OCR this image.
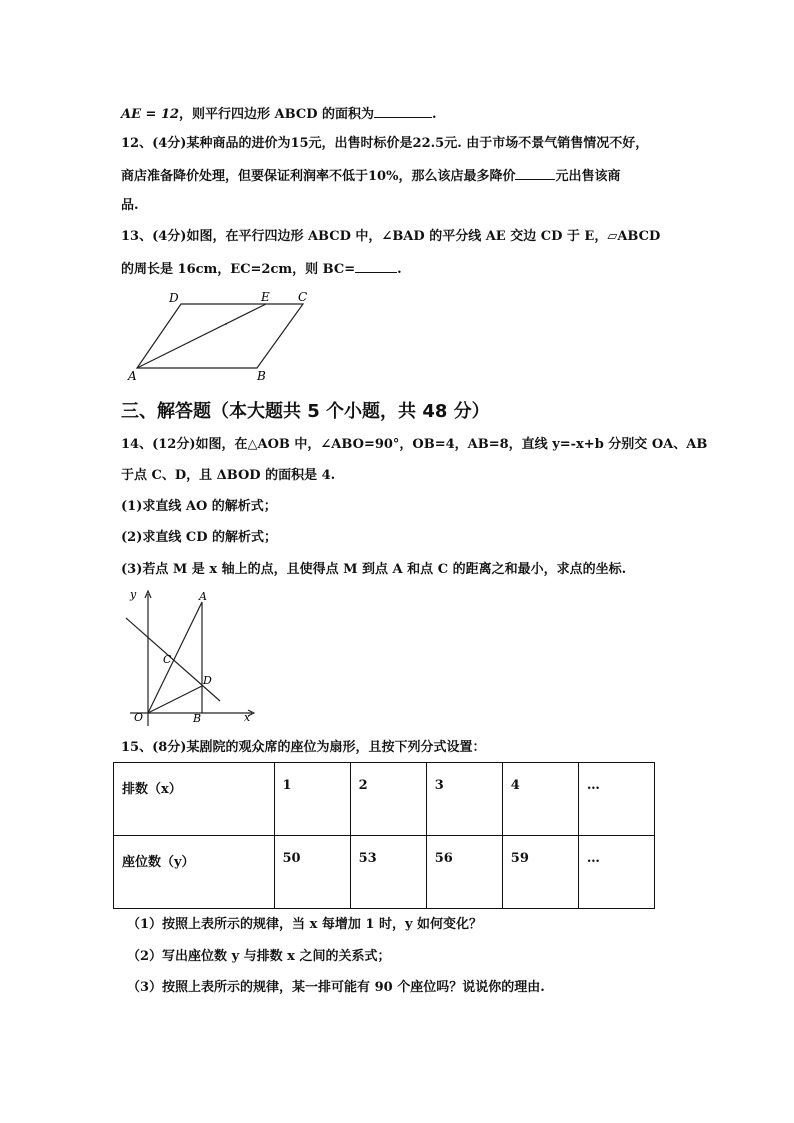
AE = 12，则平行四边形 ABCD 的面积为	.
12、(4分)某种商品的进价为15元，出售时标价是22.5元. 由于市场不景气销售情况不好，
商店准备降价处理，但要保证利润率不低于10%，那么该店最多降价	元出售该商
品.
13、(4分)如图，在平行四边形 ABCD 中，∠BAD 的平分线 AE 交边 CD 于 E，▱ABCD
的周长是 16cm，EC=2cm，则 BC=	.
D	E C
A	B
三、解答题（本大题共 5 个小题，共 48 分）
14、(12分)如图，在△AOB 中，∠ABO=90°，OB=4，AB=8，直线 y=-x+b 分别交 OA、AB
于点 C、D，且 ΔBOD 的面积是 4.
(1)求直线 AO 的解析式；
(2)求直线 CD 的解析式；
(3)若点 M 是 x 轴上的点，且使得点 M 到点 A 和点 C 的距离之和最小，求点的坐标.
y
x
O
A
B
C
D
15、(8分)某剧院的观众席的座位为扇形，且按下列分式设置：
排数（x）	1	2	3	4	…
座位数（y）	50	53	56	59	…
（1）按照上表所示的规律，当 x 每增加 1 时，y 如何变化？
（2）写出座位数 y 与排数 x 之间的关系式；
（3）按照上表所示的规律，某一排可能有 90 个座位吗？说说你的理由.
